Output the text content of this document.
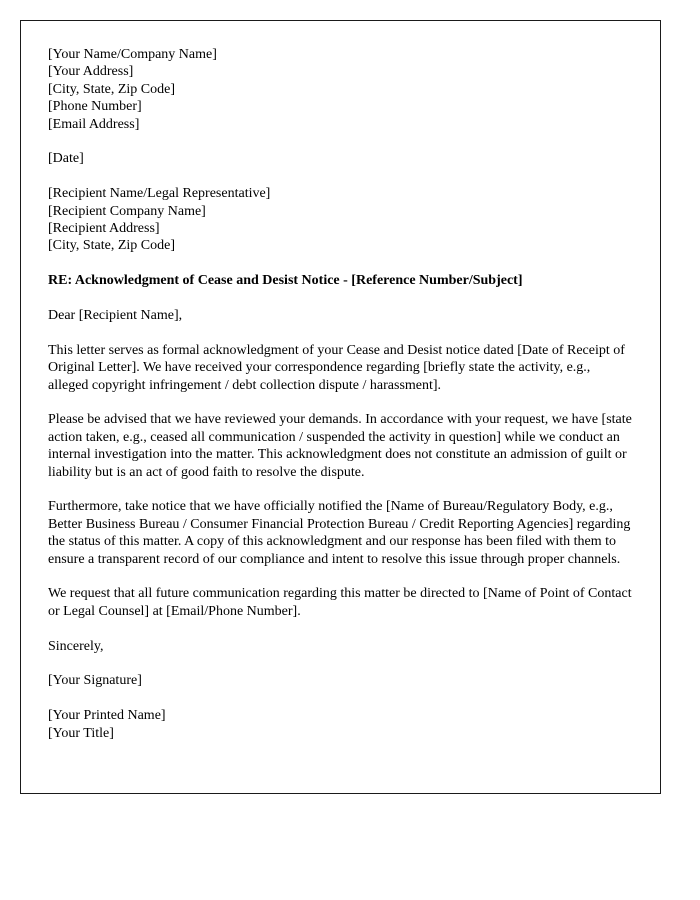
[Your Name/Company Name]
[Your Address]
[City, State, Zip Code]
[Phone Number]
[Email Address]
[Date]
[Recipient Name/Legal Representative]
[Recipient Company Name]
[Recipient Address]
[City, State, Zip Code]
RE: Acknowledgment of Cease and Desist Notice - [Reference Number/Subject]
Dear [Recipient Name],
This letter serves as formal acknowledgment of your Cease and Desist notice dated [Date of Receipt of Original Letter]. We have received your correspondence regarding [briefly state the activity, e.g., alleged copyright infringement / debt collection dispute / harassment].
Please be advised that we have reviewed your demands. In accordance with your request, we have [state action taken, e.g., ceased all communication / suspended the activity in question] while we conduct an internal investigation into the matter. This acknowledgment does not constitute an admission of guilt or liability but is an act of good faith to resolve the dispute.
Furthermore, take notice that we have officially notified the [Name of Bureau/Regulatory Body, e.g., Better Business Bureau / Consumer Financial Protection Bureau / Credit Reporting Agencies] regarding the status of this matter. A copy of this acknowledgment and our response has been filed with them to ensure a transparent record of our compliance and intent to resolve this issue through proper channels.
We request that all future communication regarding this matter be directed to [Name of Point of Contact or Legal Counsel] at [Email/Phone Number].
Sincerely,
[Your Signature]
[Your Printed Name]
[Your Title]
